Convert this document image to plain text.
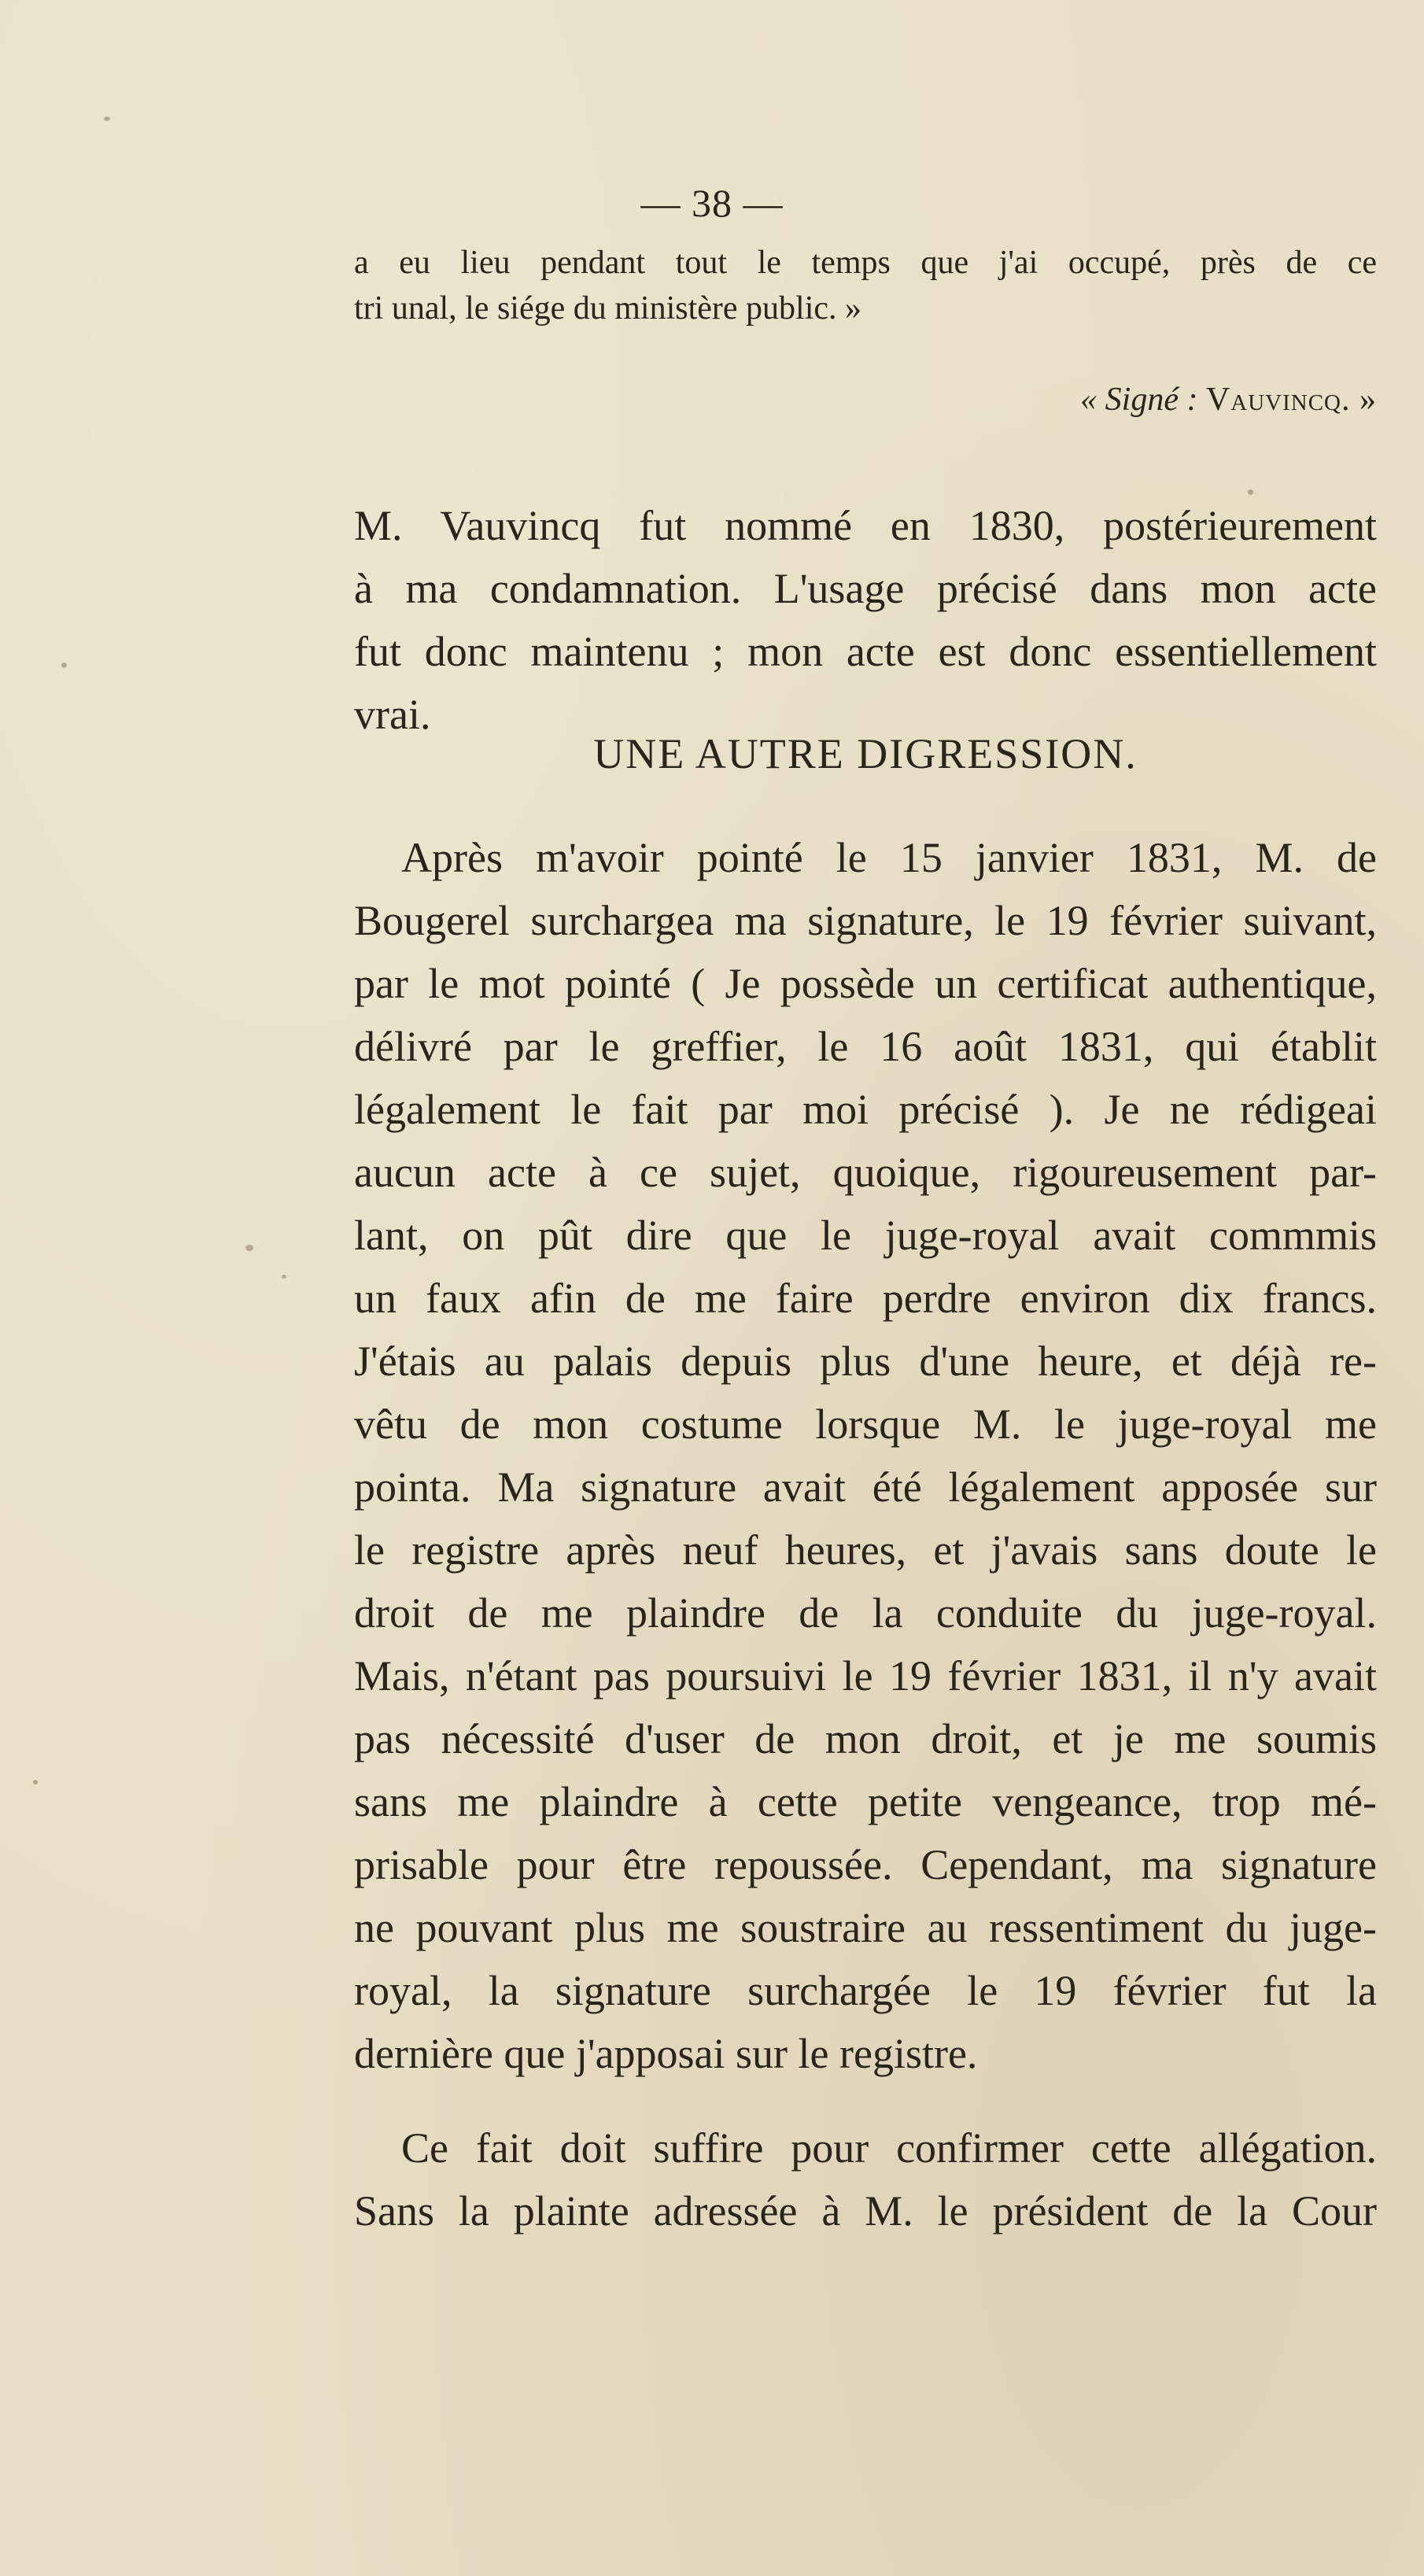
— 38 —
a eu lieu pendant tout le temps que j'ai occupé, près de ce
tri unal, le siége du ministère public. »
« Signé : Vauvincq. »
M. Vauvincq fut nommé en 1830, postérieurement
à ma condamnation. L'usage précisé dans mon acte
fut donc maintenu ; mon acte est donc essentiellement
vrai.
UNE AUTRE DIGRESSION.
Après m'avoir pointé le 15 janvier 1831, M. de
Bougerel surchargea ma signature, le 19 février suivant,
par le mot pointé ( Je possède un certificat authentique,
délivré par le greffier, le 16 août 1831, qui établit
légalement le fait par moi précisé ). Je ne rédigeai
aucun acte à ce sujet, quoique, rigoureusement par-
lant, on pût dire que le juge-royal avait commmis
un faux afin de me faire perdre environ dix francs.
J'étais au palais depuis plus d'une heure, et déjà re-
vêtu de mon costume lorsque M. le juge-royal me
pointa. Ma signature avait été légalement apposée sur
le registre après neuf heures, et j'avais sans doute le
droit de me plaindre de la conduite du juge-royal.
Mais, n'étant pas poursuivi le 19 février 1831, il n'y avait
pas nécessité d'user de mon droit, et je me soumis
sans me plaindre à cette petite vengeance, trop mé-
prisable pour être repoussée. Cependant, ma signature
ne pouvant plus me soustraire au ressentiment du juge-
royal, la signature surchargée le 19 février fut la
dernière que j'apposai sur le registre.
Ce fait doit suffire pour confirmer cette allégation.
Sans la plainte adressée à M. le président de la Cour
